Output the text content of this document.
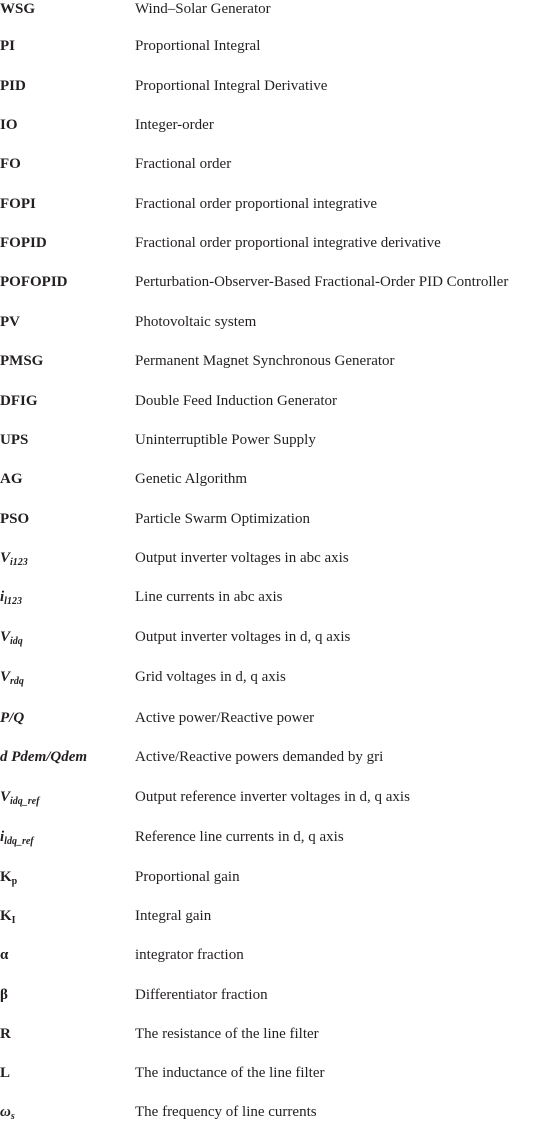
WSG	Wind–Solar Generator
PI	Proportional Integral
PID	Proportional Integral Derivative
IO	Integer-order
FO	Fractional order
FOPI	Fractional order proportional integrative
FOPID	Fractional order proportional integrative derivative
POFOPID	Perturbation-Observer-Based Fractional-Order PID Controller
PV	Photovoltaic system
PMSG	Permanent Magnet Synchronous Generator
DFIG	Double Feed Induction Generator
UPS	Uninterruptible Power Supply
AG	Genetic Algorithm
PSO	Particle Swarm Optimization
$V_{i123}$	Output inverter voltages in abc axis
$i_{l123}$	Line currents in abc axis
$V_{idq}$	Output inverter voltages in d, q axis
$V_{rdq}$	Grid voltages in d, q axis
P/Q	Active power/Reactive power
d Pdem/Qdem	Active/Reactive powers demanded by gri
$V_{idq\_ref}$	Output reference inverter voltages in d, q axis
$i_{ldq\_ref}$	Reference line currents in d, q axis
$K_p$	Proportional gain
$K_I$	Integral gain
α	integrator fraction
β	Differentiator fraction
R	The resistance of the line filter
L	The inductance of the line filter
$\omega_s$	The frequency of line currents
